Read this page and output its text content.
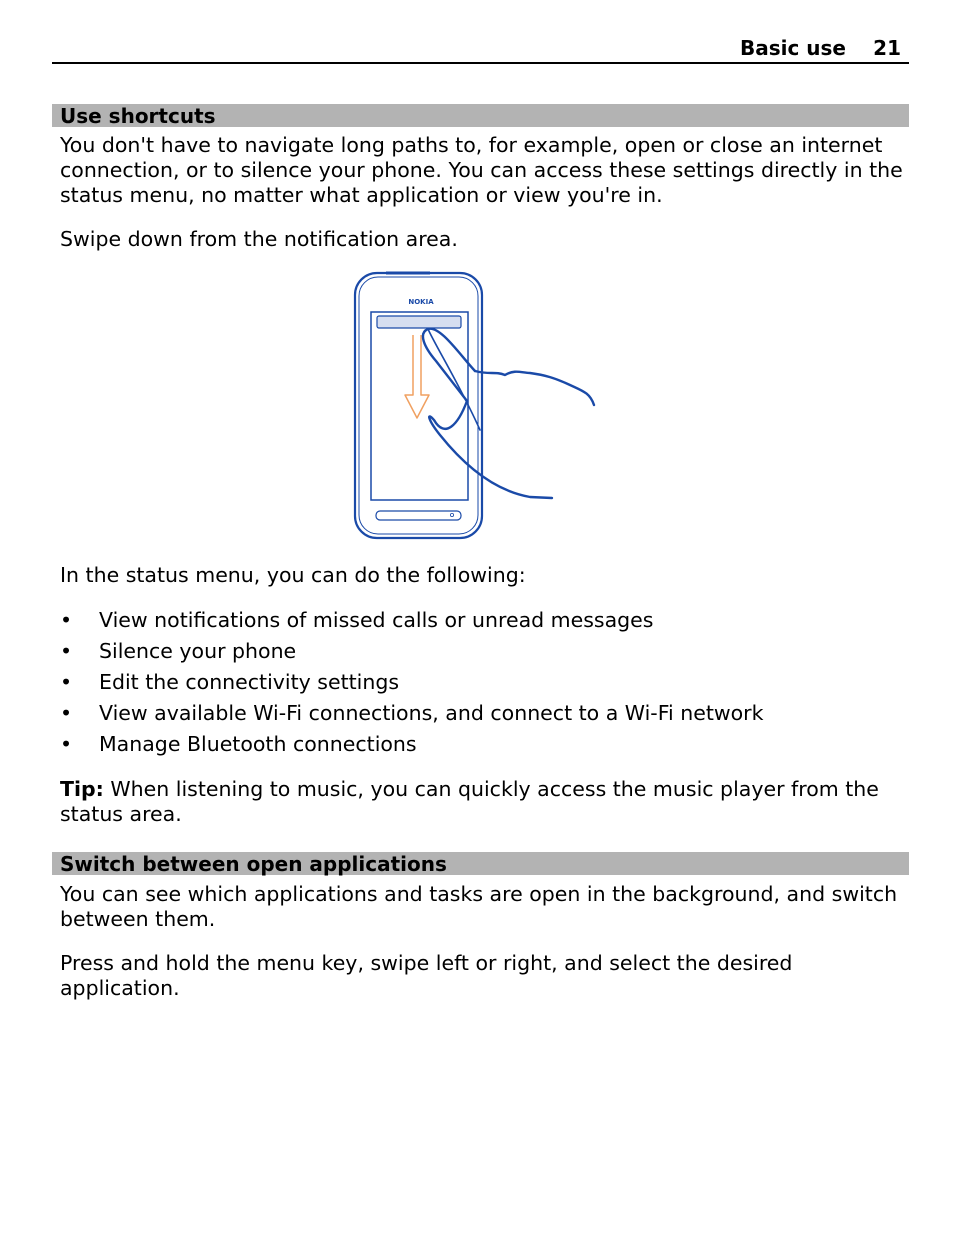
Basic use 21
Use shortcuts

You don't have to navigate long paths to, for example, open or close an internet connection, or to silence your phone. You can access these settings directly in the status menu, no matter what application or view you're in.

Swipe down from the notification area.

NOKIA

In the status menu, you can do the following:

• View notifications of missed calls or unread messages
• Silence your phone
• Edit the connectivity settings
• View available Wi-Fi connections, and connect to a Wi-Fi network
• Manage Bluetooth connections

Tip: When listening to music, you can quickly access the music player from the status area.

Switch between open applications

You can see which applications and tasks are open in the background, and switch between them.

Press and hold the menu key, swipe left or right, and select the desired application.
